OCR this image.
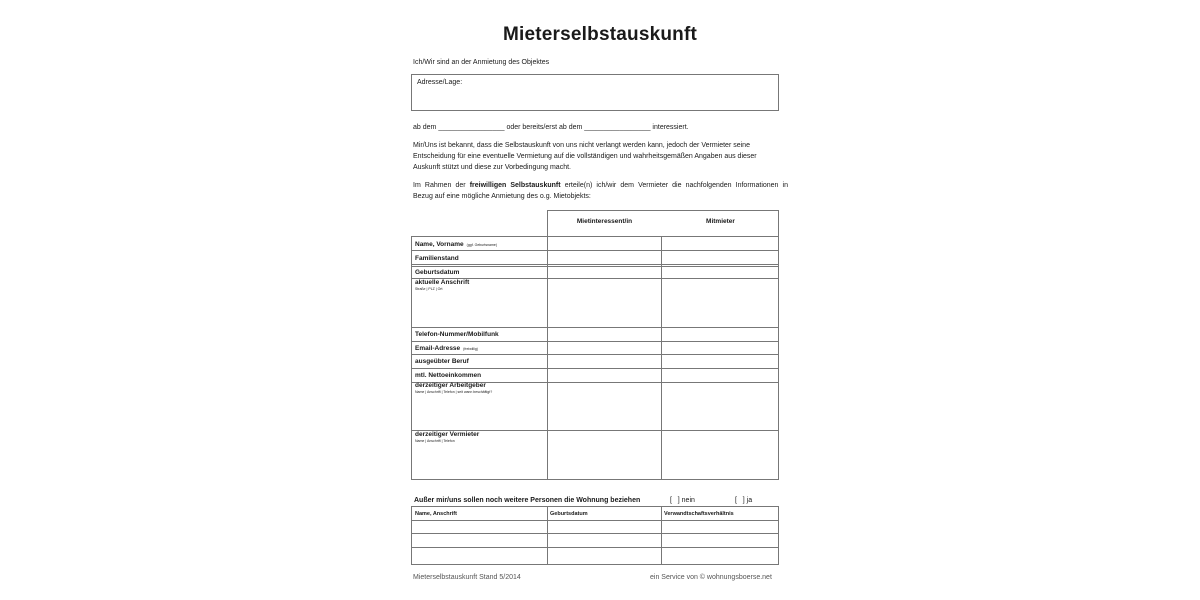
Mieterselbstauskunft
Ich/Wir sind an der Anmietung des Objektes
Adresse/Lage:
ab dem _________________ oder bereits/erst ab dem _________________ interessiert.
Mir/Uns ist bekannt, dass die Selbstauskunft von uns nicht verlangt werden kann, jedoch der Vermieter seine Entscheidung für eine eventuelle Vermietung auf die vollständigen und wahrheitsgemäßen Angaben aus dieser Auskunft stützt und diese zur Vorbedingung macht.
Im Rahmen der freiwilligen Selbstauskunft erteile(n) ich/wir dem Vermieter die nachfolgenden Informationen in
Bezug auf eine mögliche Anmietung des o.g. Mietobjekts:
Mietinteressent/in	Mitmieter
Name, Vorname (ggf. Geburtsname)
Familienstand
Geburtsdatum
aktuelle Anschrift
Straße | PLZ | Ort
Telefon-Nummer/Mobilfunk
Email-Adresse (freiwillig)
ausgeübter Beruf
mtl. Nettoeinkommen
derzeitiger Arbeitgeber
Name | Anschrift | Telefon | seit wann beschäftigt?
derzeitiger Vermieter
Name | Anschrift | Telefon
Außer mir/uns sollen noch weitere Personen die Wohnung beziehen	[   ] nein	[   ] ja
Name, Anschrift	Geburtsdatum	Verwandtschaftsverhältnis
Mieterselbstauskunft Stand 5/2014	ein Service von © wohnungsboerse.net
